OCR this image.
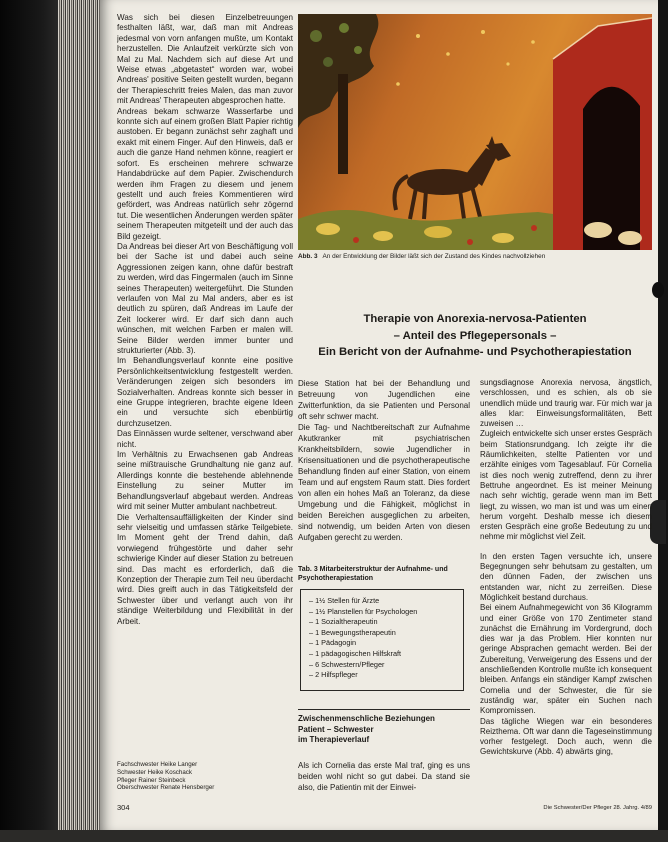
Was sich bei diesen Einzelbetreuungen festhalten läßt, war, daß man mit Andreas jedesmal von vorn anfangen mußte, um Kontakt herzustellen. Die Anlaufzeit verkürzte sich von Mal zu Mal. Nachdem sich auf diese Art und Weise etwas „abgetastet“ worden war, wobei Andreas' positive Seiten gestellt wurden, begann der Therapieschritt freies Malen, das man zuvor mit Andreas' Therapeuten abgesprochen hatte.

Andreas bekam schwarze Wasserfarbe und konnte sich auf einem großen Blatt Papier richtig austoben. Er begann zunächst sehr zaghaft und exakt mit einem Finger. Auf den Hinweis, daß er auch die ganze Hand nehmen könne, reagiert er sofort. Es erscheinen mehrere schwarze Handabdrücke auf dem Papier. Zwischendurch werden ihm Fragen zu diesem und jenem gestellt und auch freies Kommentieren wird gefördert, was Andreas natürlich sehr zögernd tut. Die wesentlichen Änderungen werden später seinem Therapeuten mitgeteilt und der auch das Bild gezeigt.

Da Andreas bei dieser Art von Beschäftigung voll bei der Sache ist und dabei auch seine Aggressionen zeigen kann, ohne dafür bestraft zu werden, wird das Fingermalen (auch im Sinne seines Therapeuten) weitergeführt. Die Stunden verlaufen von Mal zu Mal anders, aber es ist deutlich zu spüren, daß Andreas im Laufe der Zeit lockerer wird. Er darf sich dann auch wünschen, mit welchen Farben er malen will. Seine Bilder werden immer bunter und strukturierter (Abb. 3).

Im Behandlungsverlauf konnte eine positive Persönlichkeitsentwicklung festgestellt werden. Veränderungen zeigen sich besonders im Sozialverhalten. Andreas konnte sich besser in eine Gruppe integrieren, brachte eigene Ideen ein und versuchte sich ebenbürtig durchzusetzen.

Das Einnässen wurde seltener, verschwand aber nicht.

Im Verhältnis zu Erwachsenen gab Andreas seine mißtrauische Grundhaltung nie ganz auf. Allerdings konnte die bestehende ablehnende Einstellung zu seiner Mutter im Behandlungsverlauf abgebaut werden. Andreas wird mit seiner Mutter ambulant nachbetreut.

Die Verhaltensauffälligkeiten der Kinder sind sehr vielseitig und umfassen stärke Teilgebiete. Im Moment geht der Trend dahin, daß vorwiegend frühgestörte und daher sehr schwierige Kinder auf dieser Station zu betreuen sind. Das macht es erforderlich, daß die Konzeption der Therapie zum Teil neu überdacht wird. Dies greift auch in das Tätigkeitsfeld der Schwester über und verlangt auch von ihr ständige Weiterbildung und Flexibilität in der Arbeit.

Abb. 3 An der Entwicklung der Bilder läßt sich der Zustand des Kindes nachvollziehen
Therapie von Anorexia-nervosa-Patienten
– Anteil des Pflegepersonals –
Ein Bericht von der Aufnahme- und Psychotherapiestation

Diese Station hat bei der Behandlung und Betreuung von Jugendlichen eine Zwitterfunktion, da sie Patienten und Personal oft sehr schwer macht.

Die Tag- und Nachtbereitschaft zur Aufnahme Akutkranker mit psychiatrischen Krankheitsbildern, sowie Jugendlicher in Krisensituationen und die psychotherapeutische Behandlung finden auf einer Station, von einem Team und auf engstem Raum statt. Dies fordert von allen ein hohes Maß an Toleranz, da diese Umgebung und die Fähigkeit, möglichst in beiden Bereichen ausgeglichen zu arbeiten, sind notwendig, um beiden Arten von diesen Aufgaben gerecht zu werden.

Tab. 3 Mitarbeiterstruktur der Aufnahme- und Psychotherapiestation
– 1½ Stellen für Ärzte
– 1½ Planstellen für Psychologen
– 1 Sozialtherapeutin
– 1 Bewegungstherapeutin
– 1 Pädagogin
– 1 pädagogischen Hilfskraft
– 6 Schwestern/Pfleger
– 2 Hilfspfleger
Zwischenmenschliche Beziehungen
Patient – Schwester
im Therapieverlauf
Als ich Cornelia das erste Mal traf, ging es uns beiden wohl nicht so gut dabei. Da stand sie also, die Patientin mit der Einwei-

sungsdiagnose Anorexia nervosa, ängstlich, verschlossen, und es schien, als ob sie unendlich müde und traurig war. Für mich war ja alles klar: Einweisungsformalitäten, Bett zuweisen …

Zugleich entwickelte sich unser erstes Gespräch beim Stationsrundgang. Ich zeigte ihr die Räumlichkeiten, stellte Patienten vor und erzählte einiges vom Tagesablauf. Für Cornelia ist dies noch wenig zutreffend, denn zu ihrer Bettruhe angeordnet. Es ist meiner Meinung nach sehr wichtig, gerade wenn man im Bett liegt, zu wissen, wo man ist und was um einen herum vorgeht. Deshalb messe ich diesem ersten Gespräch eine große Bedeutung zu und nehme mir möglichst viel Zeit.

In den ersten Tagen versuchte ich, unsere Begegnungen sehr behutsam zu gestalten, um den dünnen Faden, der zwischen uns entstanden war, nicht zu zerreißen. Diese Möglichkeit bestand durchaus.

Bei einem Aufnahmegewicht von 36 Kilogramm und einer Größe von 170 Zentimeter stand zunächst die Ernährung im Vordergrund, doch dies war ja das Problem. Hier konnten nur geringe Absprachen gemacht werden. Bei der Zubereitung, Verweigerung des Essens und der anschließenden Kontrolle mußte ich konsequent bleiben. Anfangs ein ständiger Kampf zwischen Cornelia und der Schwester, die für sie zuständig war, später ein Suchen nach Kompromissen.

Das tägliche Wiegen war ein besonderes Reizthema. Oft war dann die Tageseinstimmung vorher festgelegt. Doch auch, wenn die Gewichtskurve (Abb. 4) abwärts ging,

Fachschwester Heike Langer
Schwester Heike Koschack
Pfleger Rainer Steinbeck
Oberschwester Renate Hensberger
304	Die Schwester/Der Pfleger 28. Jahrg. 4/89
